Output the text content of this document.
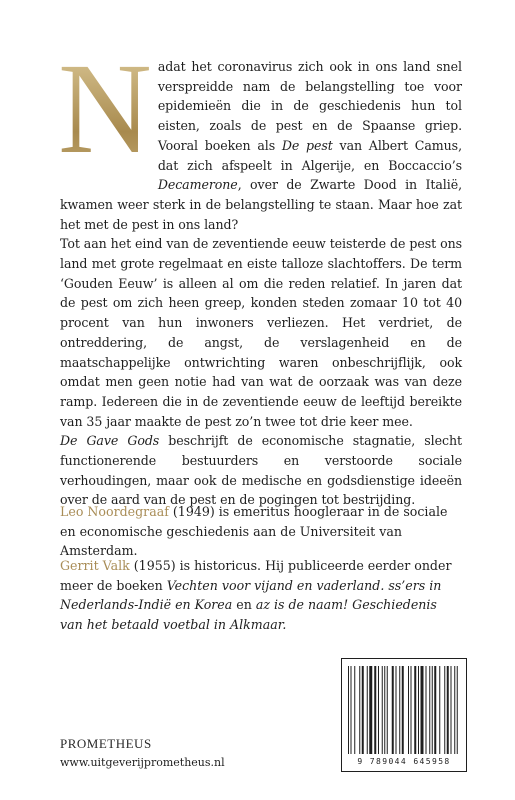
N adat het coronavirus zich ook in ons land snel verspreidde nam de belangstelling toe voor epidemieën die in de geschiedenis hun tol eisten, zoals de pest en de Spaanse griep. Vooral boeken als De pest van Albert Camus, dat zich afspeelt in Algerije, en Boccaccio’s Decamerone, over de Zwarte Dood in Italië, kwamen weer sterk in de belangstelling te staan. Maar hoe zat het met de pest in ons land?

Tot aan het eind van de zeventiende eeuw teisterde de pest ons land met grote regelmaat en eiste talloze slachtoffers. De term ‘Gouden Eeuw’ is alleen al om die reden relatief. In jaren dat de pest om zich heen greep, konden steden zomaar 10 tot 40 procent van hun inwoners verliezen. Het verdriet, de ontreddering, de angst, de verslagenheid en de maatschappelijke ontwrichting waren onbeschrijflijk, ook omdat men geen notie had van wat de oorzaak was van deze ramp. Iedereen die in de zeventiende eeuw de leeftijd bereikte van 35 jaar maakte de pest zo’n twee tot drie keer mee.

De Gave Gods beschrijft de economische stagnatie, slecht functionerende bestuurders en verstoorde sociale verhoudingen, maar ook de medische en godsdienstige ideeën over de aard van de pest en de pogingen tot bestrijding.

Leo Noordegraaf (1949) is emeritus hoogleraar in de sociale en economische geschiedenis aan de Universiteit van Amsterdam.

Gerrit Valk (1955) is historicus. Hij publiceerde eerder onder meer de boeken Vechten voor vijand en vaderland. ss’ers in Nederlands-Indië en Korea en az is de naam! Geschiedenis van het betaald voetbal in Alkmaar.

PROMETHEUS
www.uitgeverijprometheus.nl	9 789044 645958
